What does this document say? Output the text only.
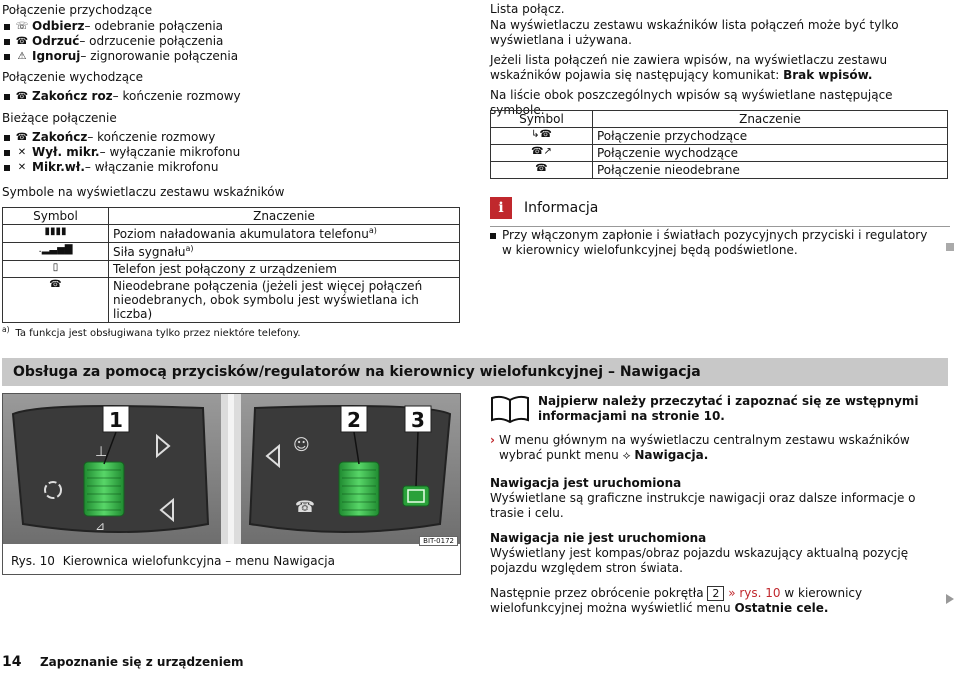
Połączenie przychodzące
☏ Odbierz – odebranie połączenia
☎ Odrzuć – odrzucenie połączenia
⚠ Ignoruj – zignorowanie połączenia
Połączenie wychodzące
☎ Zakończ roz – kończenie rozmowy
Bieżące połączenie
☎ Zakończ – kończenie rozmowy
✕ Wył. mikr. – wyłączanie mikrofonu
✕ Mikr.wł. – włączanie mikrofonu
Symbole na wyświetlaczu zestawu wskaźników
Symbol	Znaczenie
▮▮▮▮	Poziom naładowania akumulatora telefonu$^{a)}$
.▂▃▅▇	Siła sygnału$^{a)}$
▯	Telefon jest połączony z urządzeniem
☎	Nieodebrane połączenia (jeżeli jest więcej połączeń nieodebranych, obok symbolu jest wyświetlana ich liczba)
$^{a)}$ Ta funkcja jest obsługiwana tylko przez niektóre telefony.
Lista połącz.
Na wyświetlaczu zestawu wskaźników lista połączeń może być tylko wyświetlana i używana.
Jeżeli lista połączeń nie zawiera wpisów, na wyświetlaczu zestawu wskaźników pojawia się następujący komunikat: Brak wpisów.
Na liście obok poszczególnych wpisów są wyświetlane następujące symbole.
Symbol	Znaczenie
↳☎	Połączenie przychodzące
☎↗	Połączenie wychodzące
☎	Połączenie nieodebrane
i	Informacja
Przy włączonym zapłonie i światłach pozycyjnych przyciski i regulatory w kierownicy wielofunkcyjnej będą podświetlone.
Obsługa za pomocą przycisków/regulatorów na kierownicy wielofunkcyjnej – Nawigacja
⊥
⊿
☺
☎
1	2	3
BIT-0172
Rys. 10 Kierownica wielofunkcyjna – menu Nawigacja
Najpierw należy przeczytać i zapoznać się ze wstępnymi informacjami na stronie 10.
› W menu głównym na wyświetlaczu centralnym zestawu wskaźników wybrać punkt menu ⟡ Nawigacja.
Nawigacja jest uruchomiona
Wyświetlane są graficzne instrukcje nawigacji oraz dalsze informacje o trasie i celu.
Nawigacja nie jest uruchomiona
Wyświetlany jest kompas/obraz pojazdu wskazujący aktualną pozycję pojazdu względem stron świata.
Następnie przez obrócenie pokrętła 2 » rys. 10 w kierownicy wielofunkcyjnej można wyświetlić menu Ostatnie cele.
14 Zapoznanie się z urządzeniem
